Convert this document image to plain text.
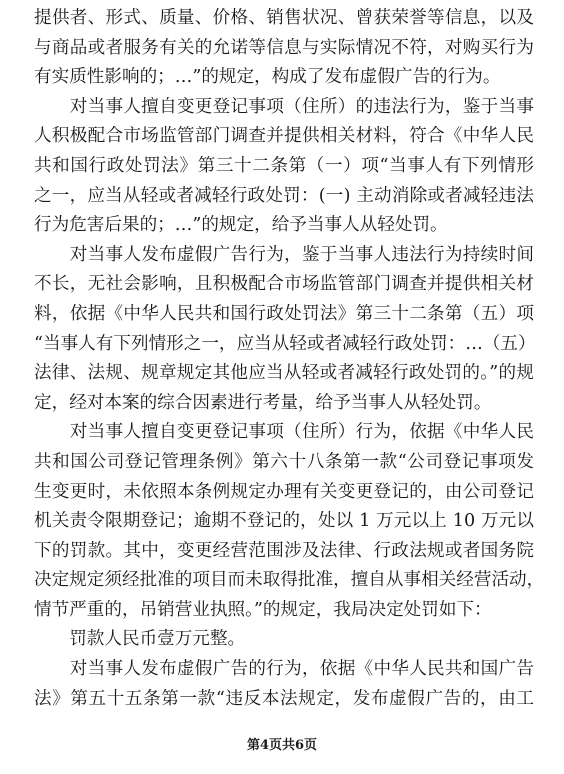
提供者、形式、质量、价格、销售状况、曾获荣誉等信息，以及
与商品或者服务有关的允诺等信息与实际情况不符，对购买行为
有实质性影响的；…”的规定，构成了发布虚假广告的行为。
　　对当事人擅自变更登记事项（住所）的违法行为，鉴于当事
人积极配合市场监管部门调查并提供相关材料，符合《中华人民
共和国行政处罚法》第三十二条第（一）项“当事人有下列情形
之一，应当从轻或者减轻行政处罚：(一) 主动消除或者减轻违法
行为危害后果的；…”的规定，给予当事人从轻处罚。
　　对当事人发布虚假广告行为，鉴于当事人违法行为持续时间
不长，无社会影响，且积极配合市场监管部门调查并提供相关材
料，依据《中华人民共和国行政处罚法》第三十二条第（五）项
“当事人有下列情形之一，应当从轻或者减轻行政处罚：…（五）
法律、法规、规章规定其他应当从轻或者减轻行政处罚的。”的规
定，经对本案的综合因素进行考量，给予当事人从轻处罚。
　　对当事人擅自变更登记事项（住所）行为，依据《中华人民
共和国公司登记管理条例》第六十八条第一款“公司登记事项发
生变更时，未依照本条例规定办理有关变更登记的，由公司登记
机关责令限期登记；逾期不登记的，处以 1 万元以上 10 万元以
下的罚款。其中，变更经营范围涉及法律、行政法规或者国务院
决定规定须经批准的项目而未取得批准，擅自从事相关经营活动，
情节严重的，吊销营业执照。”的规定，我局决定处罚如下：
　　罚款人民币壹万元整。
　　对当事人发布虚假广告的行为，依据《中华人民共和国广告
法》第五十五条第一款“违反本法规定，发布虚假广告的，由工
第4页共6页
